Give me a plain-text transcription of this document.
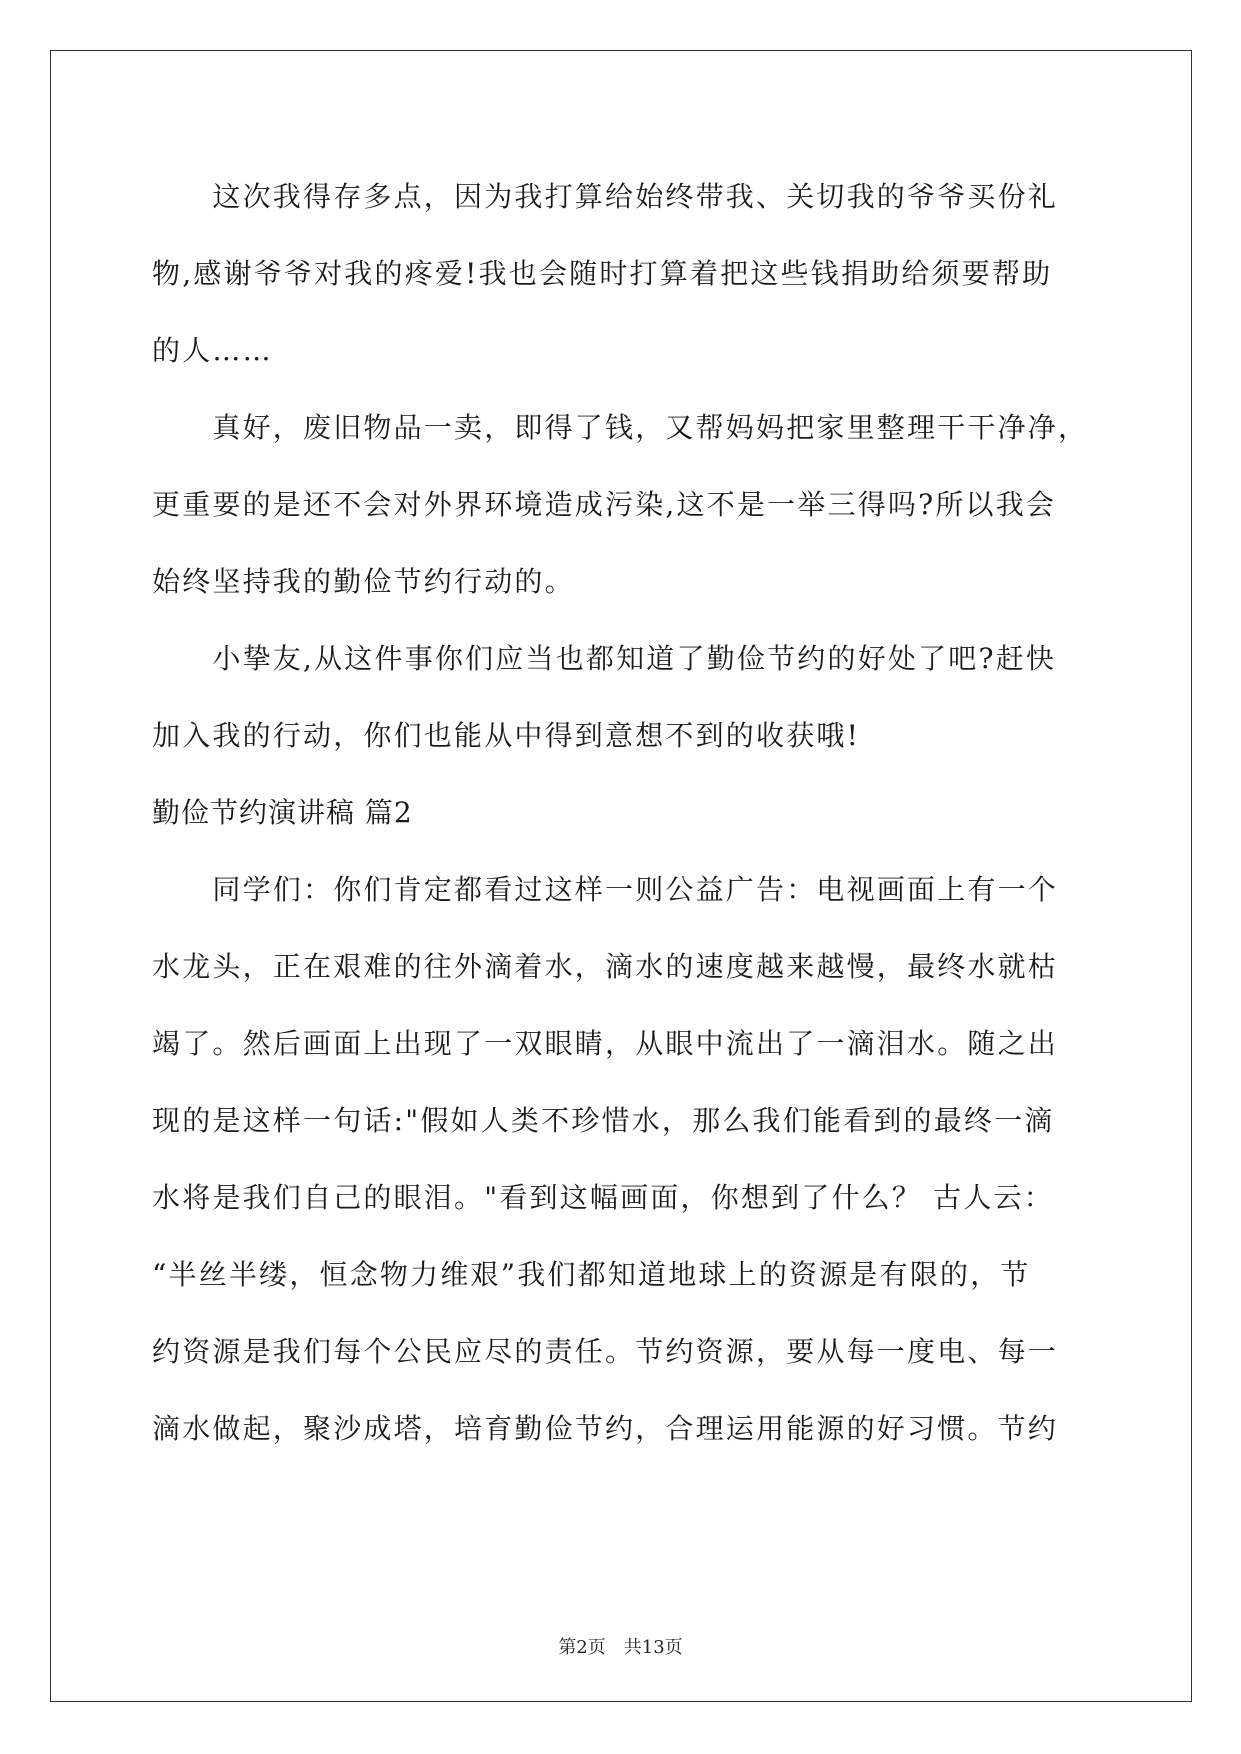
　　这次我得存多点，因为我打算给始终带我、关切我的爷爷买份礼
物,感谢爷爷对我的疼爱!我也会随时打算着把这些钱捐助给须要帮助
的人……
　　真好，废旧物品一卖，即得了钱，又帮妈妈把家里整理干干净净，
更重要的是还不会对外界环境造成污染,这不是一举三得吗?所以我会
始终坚持我的勤俭节约行动的。
　　小挚友,从这件事你们应当也都知道了勤俭节约的好处了吧?赶快
加入我的行动，你们也能从中得到意想不到的收获哦!
勤俭节约演讲稿 篇2
　　同学们：你们肯定都看过这样一则公益广告：电视画面上有一个
水龙头，正在艰难的往外滴着水，滴水的速度越来越慢，最终水就枯
竭了。然后画面上出现了一双眼睛，从眼中流出了一滴泪水。随之出
现的是这样一句话:"假如人类不珍惜水，那么我们能看到的最终一滴
水将是我们自己的眼泪。"看到这幅画面，你想到了什么？ 古人云：
“半丝半缕，恒念物力维艰”我们都知道地球上的资源是有限的，节
约资源是我们每个公民应尽的责任。节约资源，要从每一度电、每一
滴水做起，聚沙成塔，培育勤俭节约，合理运用能源的好习惯。节约
第2页　共13页
